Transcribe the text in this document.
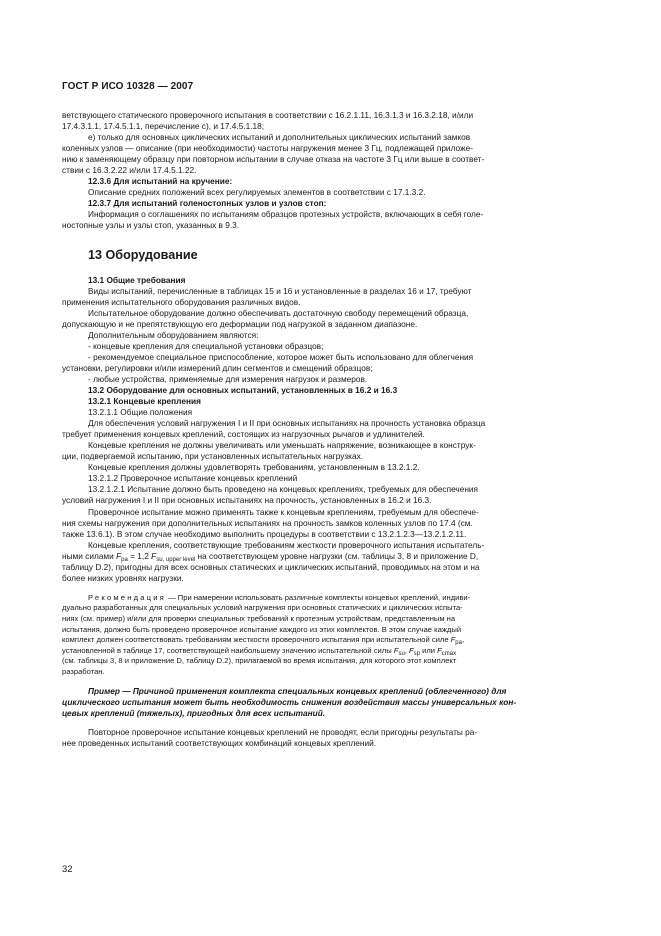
ГОСТ Р ИСО 10328 — 2007

ветствующего статического проверочного испытания в соответствии с 16.2.1.11, 16.3.1.3 и 16.3.2.18, и/или

17.4.3.1.1, 17.4.5.1.1, перечисление с), и 17.4.5.1.18;

е) только для основных циклических испытаний и дополнительных циклических испытаний замков

коленных узлов — описание (при необходимости) частоты нагружения менее 3 Гц, подлежащей приложе-

нию к заменяющему образцу при повторном испытании в случае отказа на частоте 3 Гц или выше в соответ-

ствии с 16.3.2.22 и/или 17.4.5.1.22.

12.3.6 Для испытаний на кручение:

Описание средних положений всех регулируемых элементов в соответствии с 17.1.3.2.

12.3.7 Для испытаний голеностопных узлов и узлов стоп:

Информация о соглашениях по испытаниям образцов протезных устройств, включающих в себя голе-

ностопные узлы и узлы стоп, указанных в 9.3.

13 Оборудование

13.1 Общие требования

Виды испытаний, перечисленные в таблицах 15 и 16 и установленные в разделах 16 и 17, требуют

применения испытательного оборудования различных видов.

Испытательное оборудование должно обеспечивать достаточную свободу перемещений образца,

допускающую и не препятствующую его деформации под нагрузкой в заданном диапазоне.

Дополнительным оборудованием являются:

- концевые крепления для специальной установки образцов;

- рекомендуемое специальное приспособление, которое может быть использовано для облегчения

установки, регулировки и/или измерений длин сегментов и смещений образцов;

- любые устройства, применяемые для измерения нагрузок и размеров.

13.2 Оборудование для основных испытаний, установленных в 16.2 и 16.3

13.2.1 Концевые крепления

13.2.1.1 Общие положения

Для обеспечения условий нагружения I и II при основных испытаниях на прочность установка образца

требует применения концевых креплений, состоящих из нагрузочных рычагов и удлинителей.

Концевые крепления не должны увеличивать или уменьшать напряжение, возникающее в конструк-

ции, подвергаемой испытанию, при установленных испытательных нагрузках.

Концевые крепления должны удовлетворять требованиям, установленным в 13.2.1.2.

13.2.1.2 Проверочное испытание концевых креплений

13.2.1.2.1 Испытание должно быть проведено на концевых креплениях, требуемых для обеспечения

условий нагружения I и II при основных испытаниях на прочность, установленных в 16.2 и 16.3.

Проверочное испытание можно применять также к концевым креплениям, требуемым для обеспече-

ния схемы нагружения при дополнительных испытаниях на прочность замков коленных узлов по 17.4 (см.

также 13.6.1). В этом случае необходимо выполнить процедуры в соответствии с 13.2.1.2.3—13.2.1.2.11.

Концевые крепления, соответствующие требованиям жесткости проверочного испытания испытатель-

ными силами $F_{pa} = 1,2$ $F_{su, upper level}$ на соответствующем уровне нагрузки (см. таблицы 3, 8 и приложение D,

таблицу D.2), пригодны для всех основных статических и циклических испытаний, проводимых на этом и на

более низких уровнях нагрузки.

Рекомендация — При намерении использовать различные комплекты концевых креплений, индиви-

дуально разработанных для специальных условий нагружения при основных статических и циклических испыта-

ниях (см. пример) и/или для проверки специальных требований к протезным устройствам, представленным на

испытания, должно быть проведено проверочное испытание каждого из этих комплектов. В этом случае каждый

комплект должен соответствовать требованиям жесткости проверочного испытания при испытательной силе $F_{pa}$,

установленной в таблице 17, соответствующей наибольшему значению испытательной силы $F_{su}$, $F_{sp}$ или $F_{cmax}$

(см. таблицы 3, 8 и приложение D, таблицу D.2), прилагаемой во время испытания, для которого этот комплект

разработан.

Пример — Причиной применения комплекта специальных концевых креплений (облегченного) для

циклического испытания может быть необходимость снижения воздействия массы универсальных кон-

цевых креплений (тяжелых), пригодных для всех испытаний.

Повторное проверочное испытание концевых креплений не проводят, если пригодны результаты ра-

нее проведенных испытаний соответствующих комбинаций концевых креплений.

32
